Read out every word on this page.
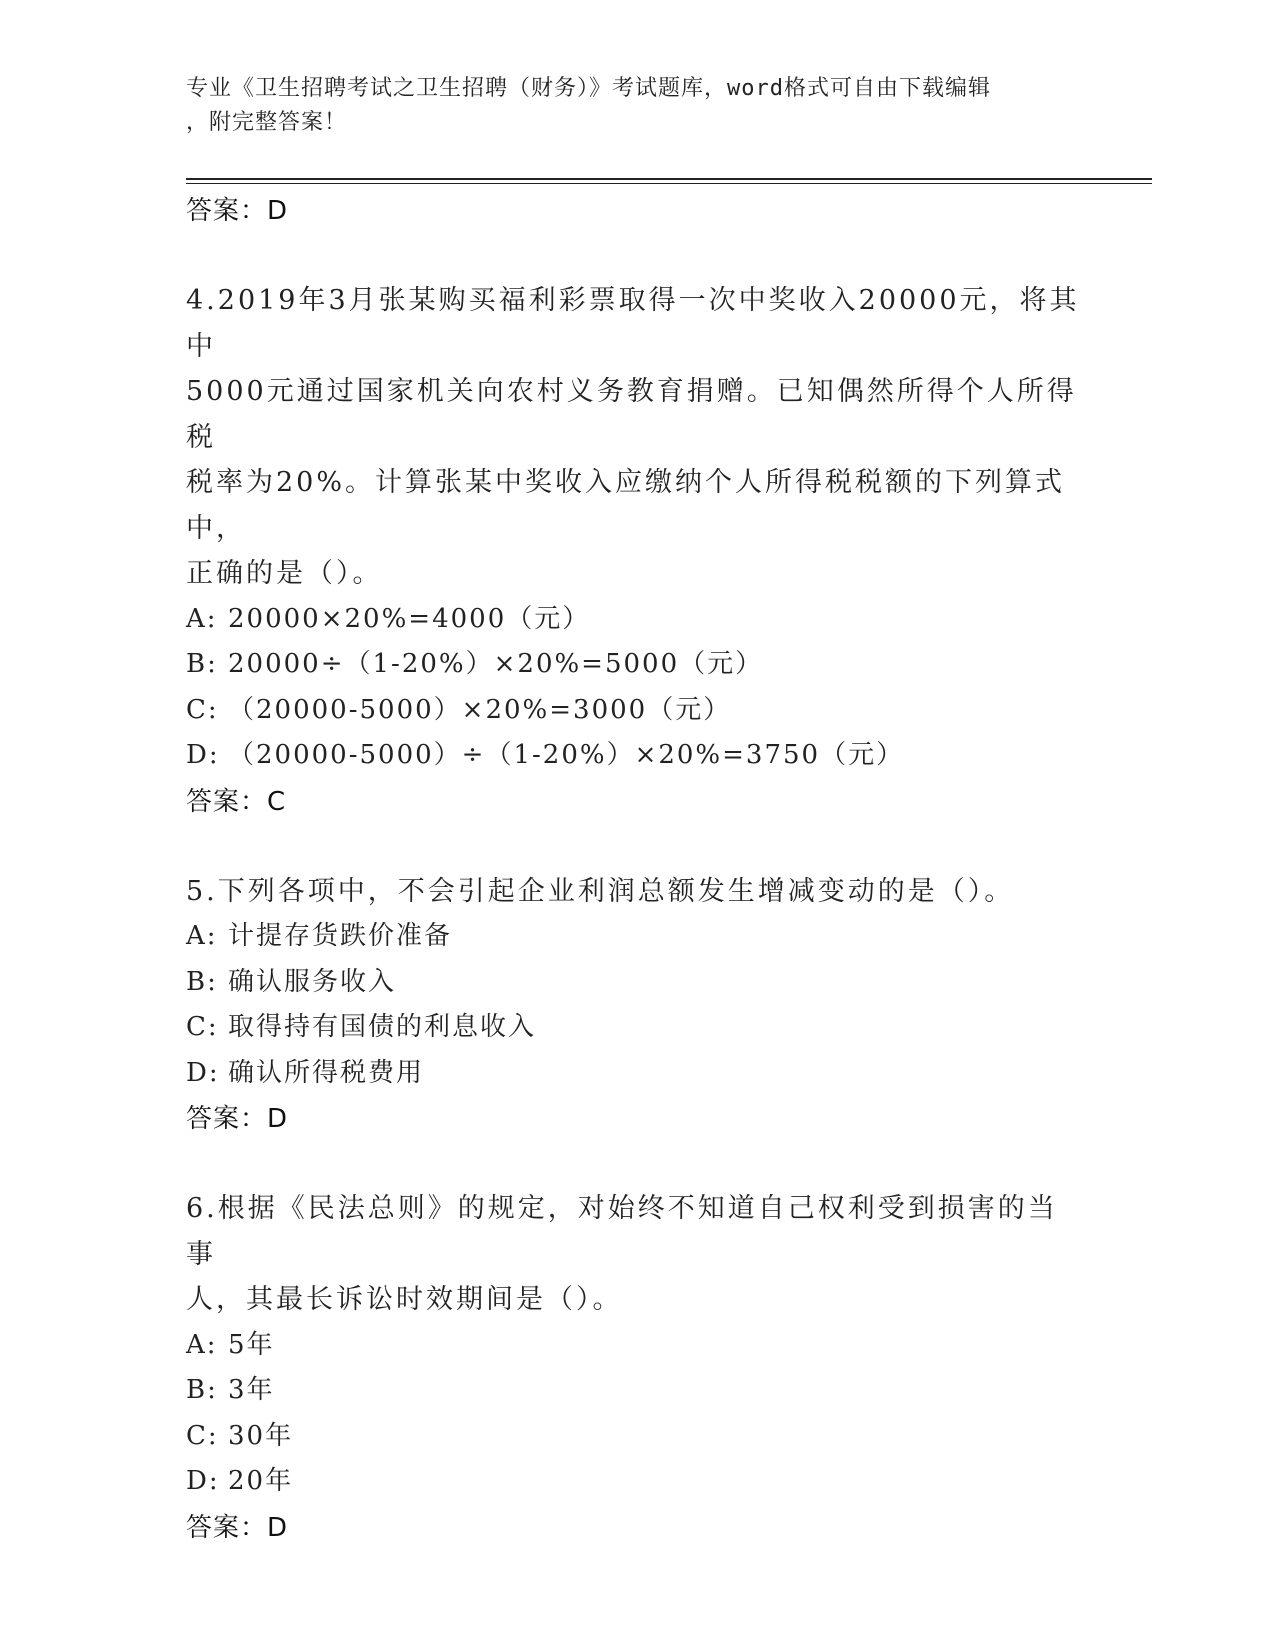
专业《卫生招聘考试之卫生招聘（财务）》考试题库，word格式可自由下载编辑
，附完整答案！
答案：D
4.2019年3月张某购买福利彩票取得一次中奖收入20000元，将其中
5000元通过国家机关向农村义务教育捐赠。已知偶然所得个人所得税
税率为20%。计算张某中奖收入应缴纳个人所得税税额的下列算式中，
正确的是（）。
A: 20000×20%=4000（元）
B: 20000÷（1-20%）×20%=5000（元）
C: （20000-5000）×20%=3000（元）
D: （20000-5000）÷（1-20%）×20%=3750（元）
答案：C
5.下列各项中，不会引起企业利润总额发生增减变动的是（）。
A: 计提存货跌价准备
B: 确认服务收入
C: 取得持有国债的利息收入
D: 确认所得税费用
答案：D
6.根据《民法总则》的规定，对始终不知道自己权利受到损害的当事
人，其最长诉讼时效期间是（）。
A: 5年
B: 3年
C: 30年
D: 20年
答案：D
